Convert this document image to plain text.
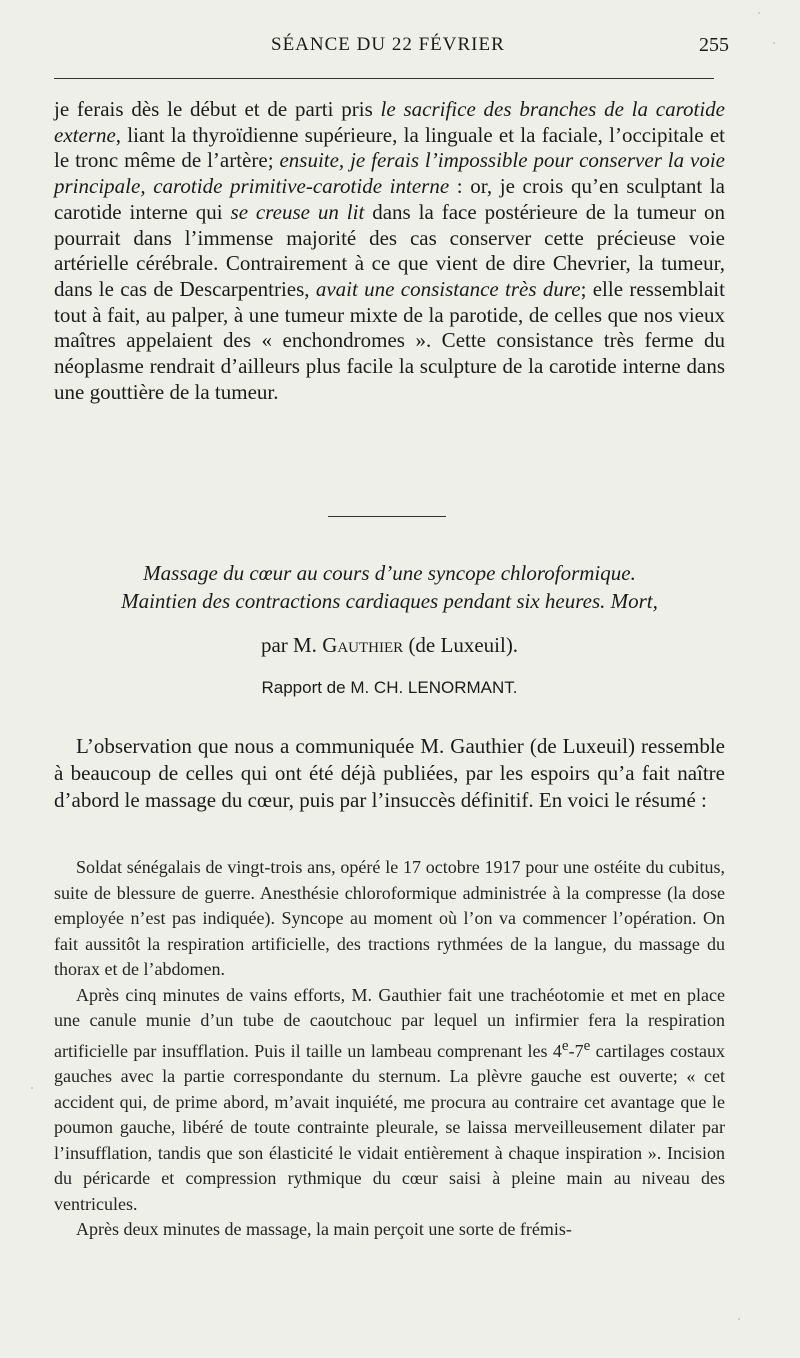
SÉANCE DU 22 FÉVRIER	255

je ferais dès le début et de parti pris le sacrifice des branches de la carotide externe, liant la thyroïdienne supérieure, la linguale et la faciale, l’occipitale et le tronc même de l’artère; ensuite, je ferais l’impossible pour conserver la voie principale, carotide primitive-carotide interne : or, je crois qu’en sculptant la carotide interne qui se creuse un lit dans la face postérieure de la tumeur on pourrait dans l’immense majorité des cas conserver cette précieuse voie artérielle cérébrale. Contrairement à ce que vient de dire Chevrier, la tumeur, dans le cas de Descarpentries, avait une consistance très dure; elle ressemblait tout à fait, au palper, à une tumeur mixte de la parotide, de celles que nos vieux maîtres appelaient des « enchondromes ». Cette consistance très ferme du néoplasme rendrait d’ailleurs plus facile la sculpture de la carotide interne dans une gouttière de la tumeur.

Massage du cœur au cours d’une syncope chloroformique.

Maintien des contractions cardiaques pendant six heures. Mort,

par M. Gauthier (de Luxeuil).
Rapport de M. CH. LENORMANT.

L’observation que nous a communiquée M. Gauthier (de Luxeuil) ressemble à beaucoup de celles qui ont été déjà publiées, par les espoirs qu’a fait naître d’abord le massage du cœur, puis par l’insuccès définitif. En voici le résumé :

Soldat sénégalais de vingt-trois ans, opéré le 17 octobre 1917 pour une ostéite du cubitus, suite de blessure de guerre. Anesthésie chloroformique administrée à la compresse (la dose employée n’est pas indiquée). Syncope au moment où l’on va commencer l’opération. On fait aussitôt la respiration artificielle, des tractions rythmées de la langue, du massage du thorax et de l’abdomen.

Après cinq minutes de vains efforts, M. Gauthier fait une trachéotomie et met en place une canule munie d’un tube de caoutchouc par lequel un infirmier fera la respiration artificielle par insufflation. Puis il taille un lambeau comprenant les 4e-7e cartilages costaux gauches avec la partie correspondante du sternum. La plèvre gauche est ouverte; « cet accident qui, de prime abord, m’avait inquiété, me procura au contraire cet avantage que le poumon gauche, libéré de toute contrainte pleurale, se laissa merveilleusement dilater par l’insufflation, tandis que son élasticité le vidait entièrement à chaque inspiration ». Incision du péricarde et compression rythmique du cœur saisi à pleine main au niveau des ventricules.

Après deux minutes de massage, la main perçoit une sorte de frémis-
